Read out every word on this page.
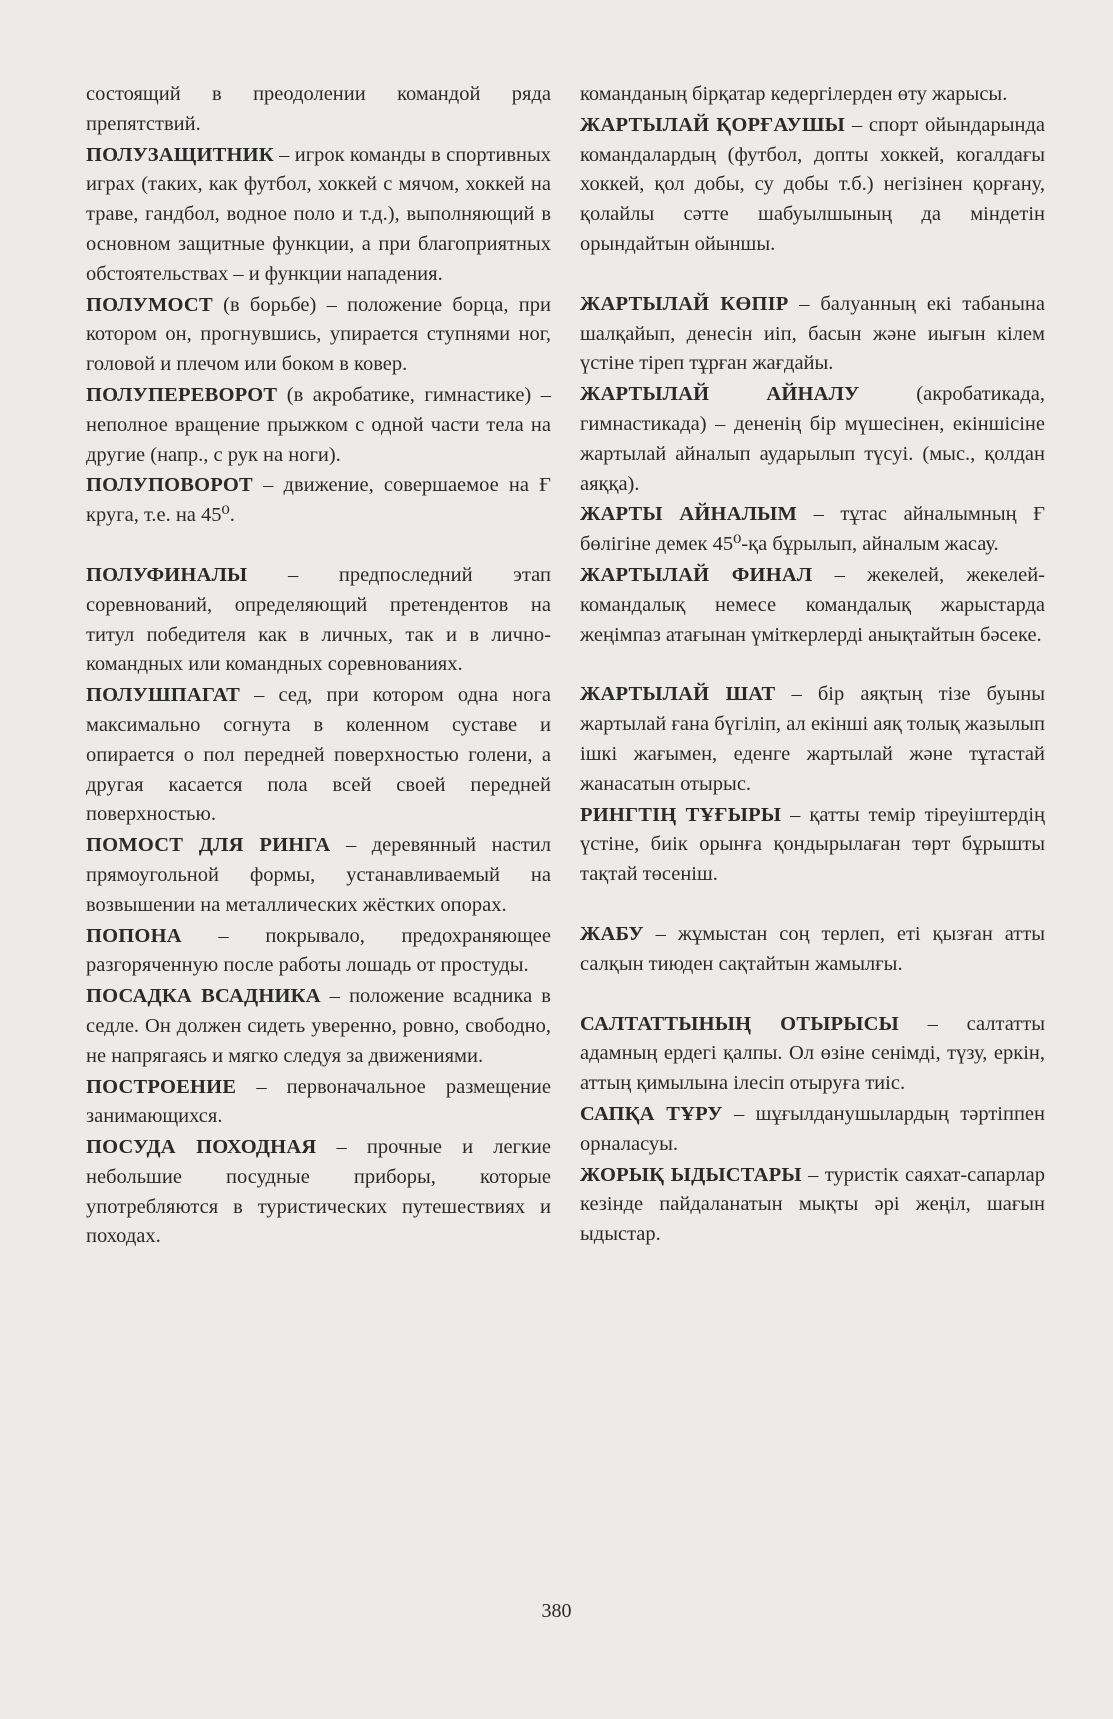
состоящий в преодолении командой ряда препятствий.

ПОЛУЗАЩИТНИК – игрок команды в спортивных играх (таких, как футбол, хоккей с мячом, хоккей на траве, гандбол, водное поло и т.д.), выполняющий в основном защитные функции, а при благоприятных обстоятельствах – и функции нападения.

ПОЛУМОСТ (в борьбе) – положение борца, при котором он, прогнувшись, упирается ступнями ног, головой и плечом или боком в ковер.

ПОЛУПЕРЕВОРОТ (в акробатике, гимнастике) – неполное вращение прыжком с одной части тела на другие (напр., с рук на ноги).

ПОЛУПОВОРОТ – движение, совершаемое на Ғ круга, т.е. на 45⁰.

ПОЛУФИНАЛЫ – предпоследний этап соревнований, определяющий претендентов на титул победителя как в личных, так и в лично-командных или командных соревнованиях.

ПОЛУШПАГАТ – сед, при котором одна нога максимально согнута в коленном суставе и опирается о пол передней поверхностью голени, а другая касается пола всей своей передней поверхностью.

ПОМОСТ ДЛЯ РИНГА – деревянный настил прямоугольной формы, устанавливаемый на возвышении на металлических жёстких опорах.

ПОПОНА – покрывало, предохраняющее разгоряченную после работы лошадь от простуды.

ПОСАДКА ВСАДНИКА – положение всадника в седле. Он должен сидеть уверенно, ровно, свободно, не напрягаясь и мягко следуя за движениями.

ПОСТРОЕНИЕ – первоначальное размещение занимающихся.

ПОСУДА ПОХОДНАЯ – прочные и легкие небольшие посудные приборы, которые употребляются в туристических путешествиях и походах.

команданың бірқатар кедергілерден өту жарысы.

ЖАРТЫЛАЙ ҚОРҒАУШЫ – спорт ойындарында командалардың (футбол, допты хоккей, когалдағы хоккей, қол добы, су добы т.б.) негізінен қорғану, қолайлы сәтте шабуылшының да міндетін орындайтын ойыншы.

ЖАРТЫЛАЙ КӨПІР – балуанның екі табанына шалқайып, денесін иіп, басын және иығын кілем үстіне тіреп тұрған жағдайы.

ЖАРТЫЛАЙ АЙНАЛУ (акробатикада, гимнастикада) – дененің бір мүшесінен, екіншісіне жартылай айналып аударылып түсуі. (мыс., қолдан аяққа).

ЖАРТЫ АЙНАЛЫМ – тұтас айналымның Ғ бөлігіне демек 45⁰-қа бұрылып, айналым жасау.

ЖАРТЫЛАЙ ФИНАЛ – жекелей, жекелей-командалық немесе командалық жарыстарда жеңімпаз атағынан үміткерлерді анықтайтын бәсеке.

ЖАРТЫЛАЙ ШАТ – бір аяқтың тізе буыны жартылай ғана бүгіліп, ал екінші аяқ толық жазылып ішкі жағымен, еденге жартылай және тұтастай жанасатын отырыс.

РИНГТІҢ ТҰҒЫРЫ – қатты темір тіреуіштердің үстіне, биік орынға қондырылаған төрт бұрышты тақтай төсеніш.

ЖАБУ – жұмыстан соң терлеп, еті қызған атты салқын тиюден сақтайтын жамылғы.

САЛТАТТЫНЫҢ ОТЫРЫСЫ – салтатты адамның ердегі қалпы. Ол өзіне сенімді, түзу, еркін, аттың қимылына ілесіп отыруға тиіс.

САПҚА ТҰРУ – шұғылданушылардың тәртіппен орналасуы.

ЖОРЫҚ ЫДЫСТАРЫ – туристік саяхат-сапарлар кезінде пайдаланатын мықты әрі жеңіл, шағын ыдыстар.

380
